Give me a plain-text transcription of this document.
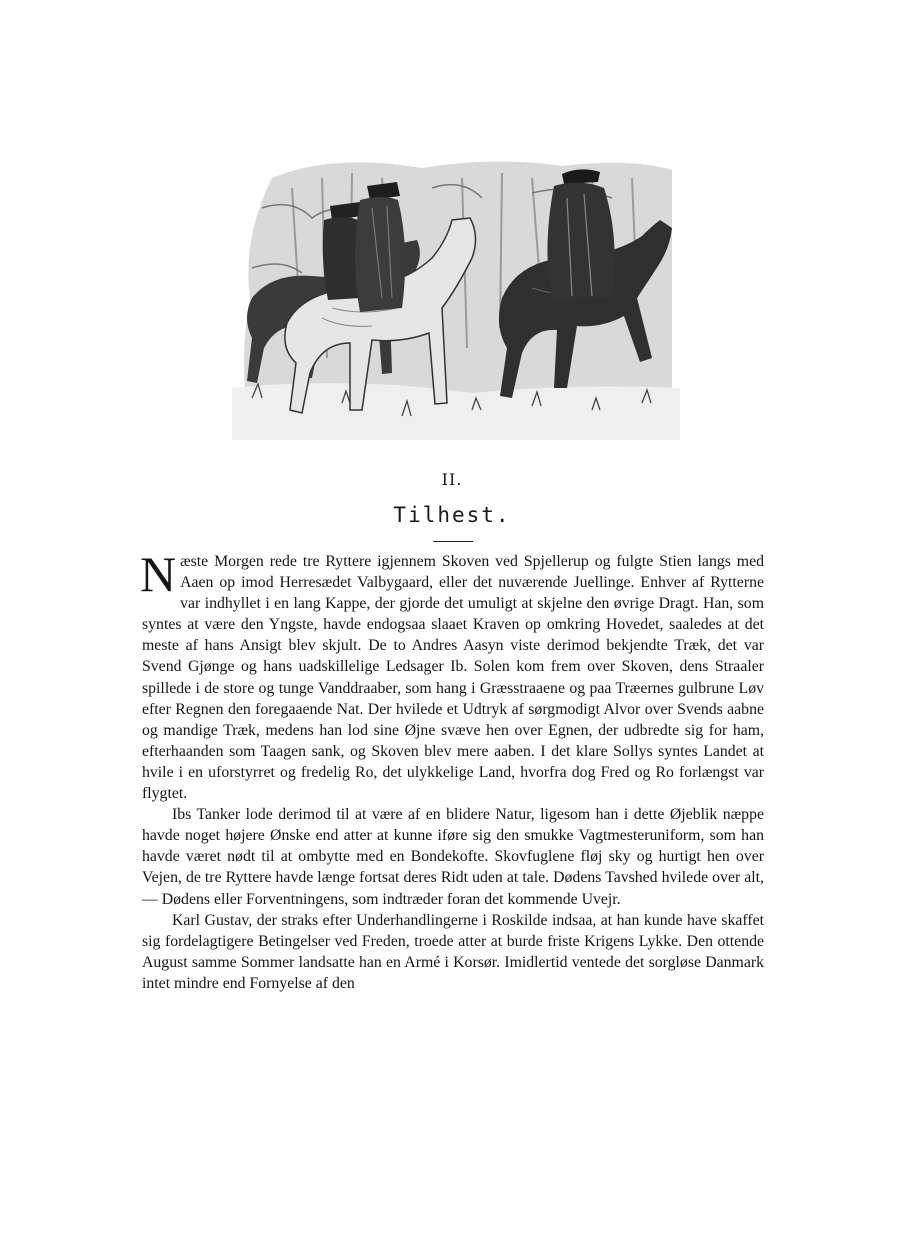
II.
Tilhest.

Næste Morgen rede tre Ryttere igjennem Skoven ved Spjellerup og fulgte Stien langs med Aaen op imod Herresædet Valbygaard, eller det nuværende Juellinge. Enhver af Rytterne var indhyllet i en lang Kappe, der gjorde det umuligt at skjelne den øvrige Dragt. Han, som syntes at være den Yngste, havde endogsaa slaaet Kraven op omkring Hovedet, saaledes at det meste af hans Ansigt blev skjult. De to Andres Aasyn viste derimod bekjendte Træk, det var Svend Gjønge og hans uadskillelige Ledsager Ib. Solen kom frem over Skoven, dens Straaler spillede i de store og tunge Vanddraaber, som hang i Græsstraaene og paa Træernes gulbrune Løv efter Regnen den foregaaende Nat. Der hvilede et Udtryk af sørgmodigt Alvor over Svends aabne og mandige Træk, medens han lod sine Øjne svæve hen over Egnen, der udbredte sig for ham, efterhaanden som Taagen sank, og Skoven blev mere aaben. I det klare Sollys syntes Landet at hvile i en uforstyrret og fredelig Ro, det ulykkelige Land, hvorfra dog Fred og Ro forlængst var flygtet.

Ibs Tanker lode derimod til at være af en blidere Natur, ligesom han i dette Øjeblik næppe havde noget højere Ønske end atter at kunne iføre sig den smukke Vagtmesteruniform, som han havde været nødt til at ombytte med en Bondekofte. Skovfuglene fløj sky og hurtigt hen over Vejen, de tre Ryttere havde længe fortsat deres Ridt uden at tale. Dødens Tavshed hvilede over alt, — Dødens eller Forventningens, som indtræder foran det kommende Uvejr.

Karl Gustav, der straks efter Underhandlingerne i Roskilde indsaa, at han kunde have skaffet sig fordelagtigere Betingelser ved Freden, troede atter at burde friste Krigens Lykke. Den ottende August samme Sommer landsatte han en Armé i Korsør. Imidlertid ventede det sorgløse Danmark intet mindre end Fornyelse af den
